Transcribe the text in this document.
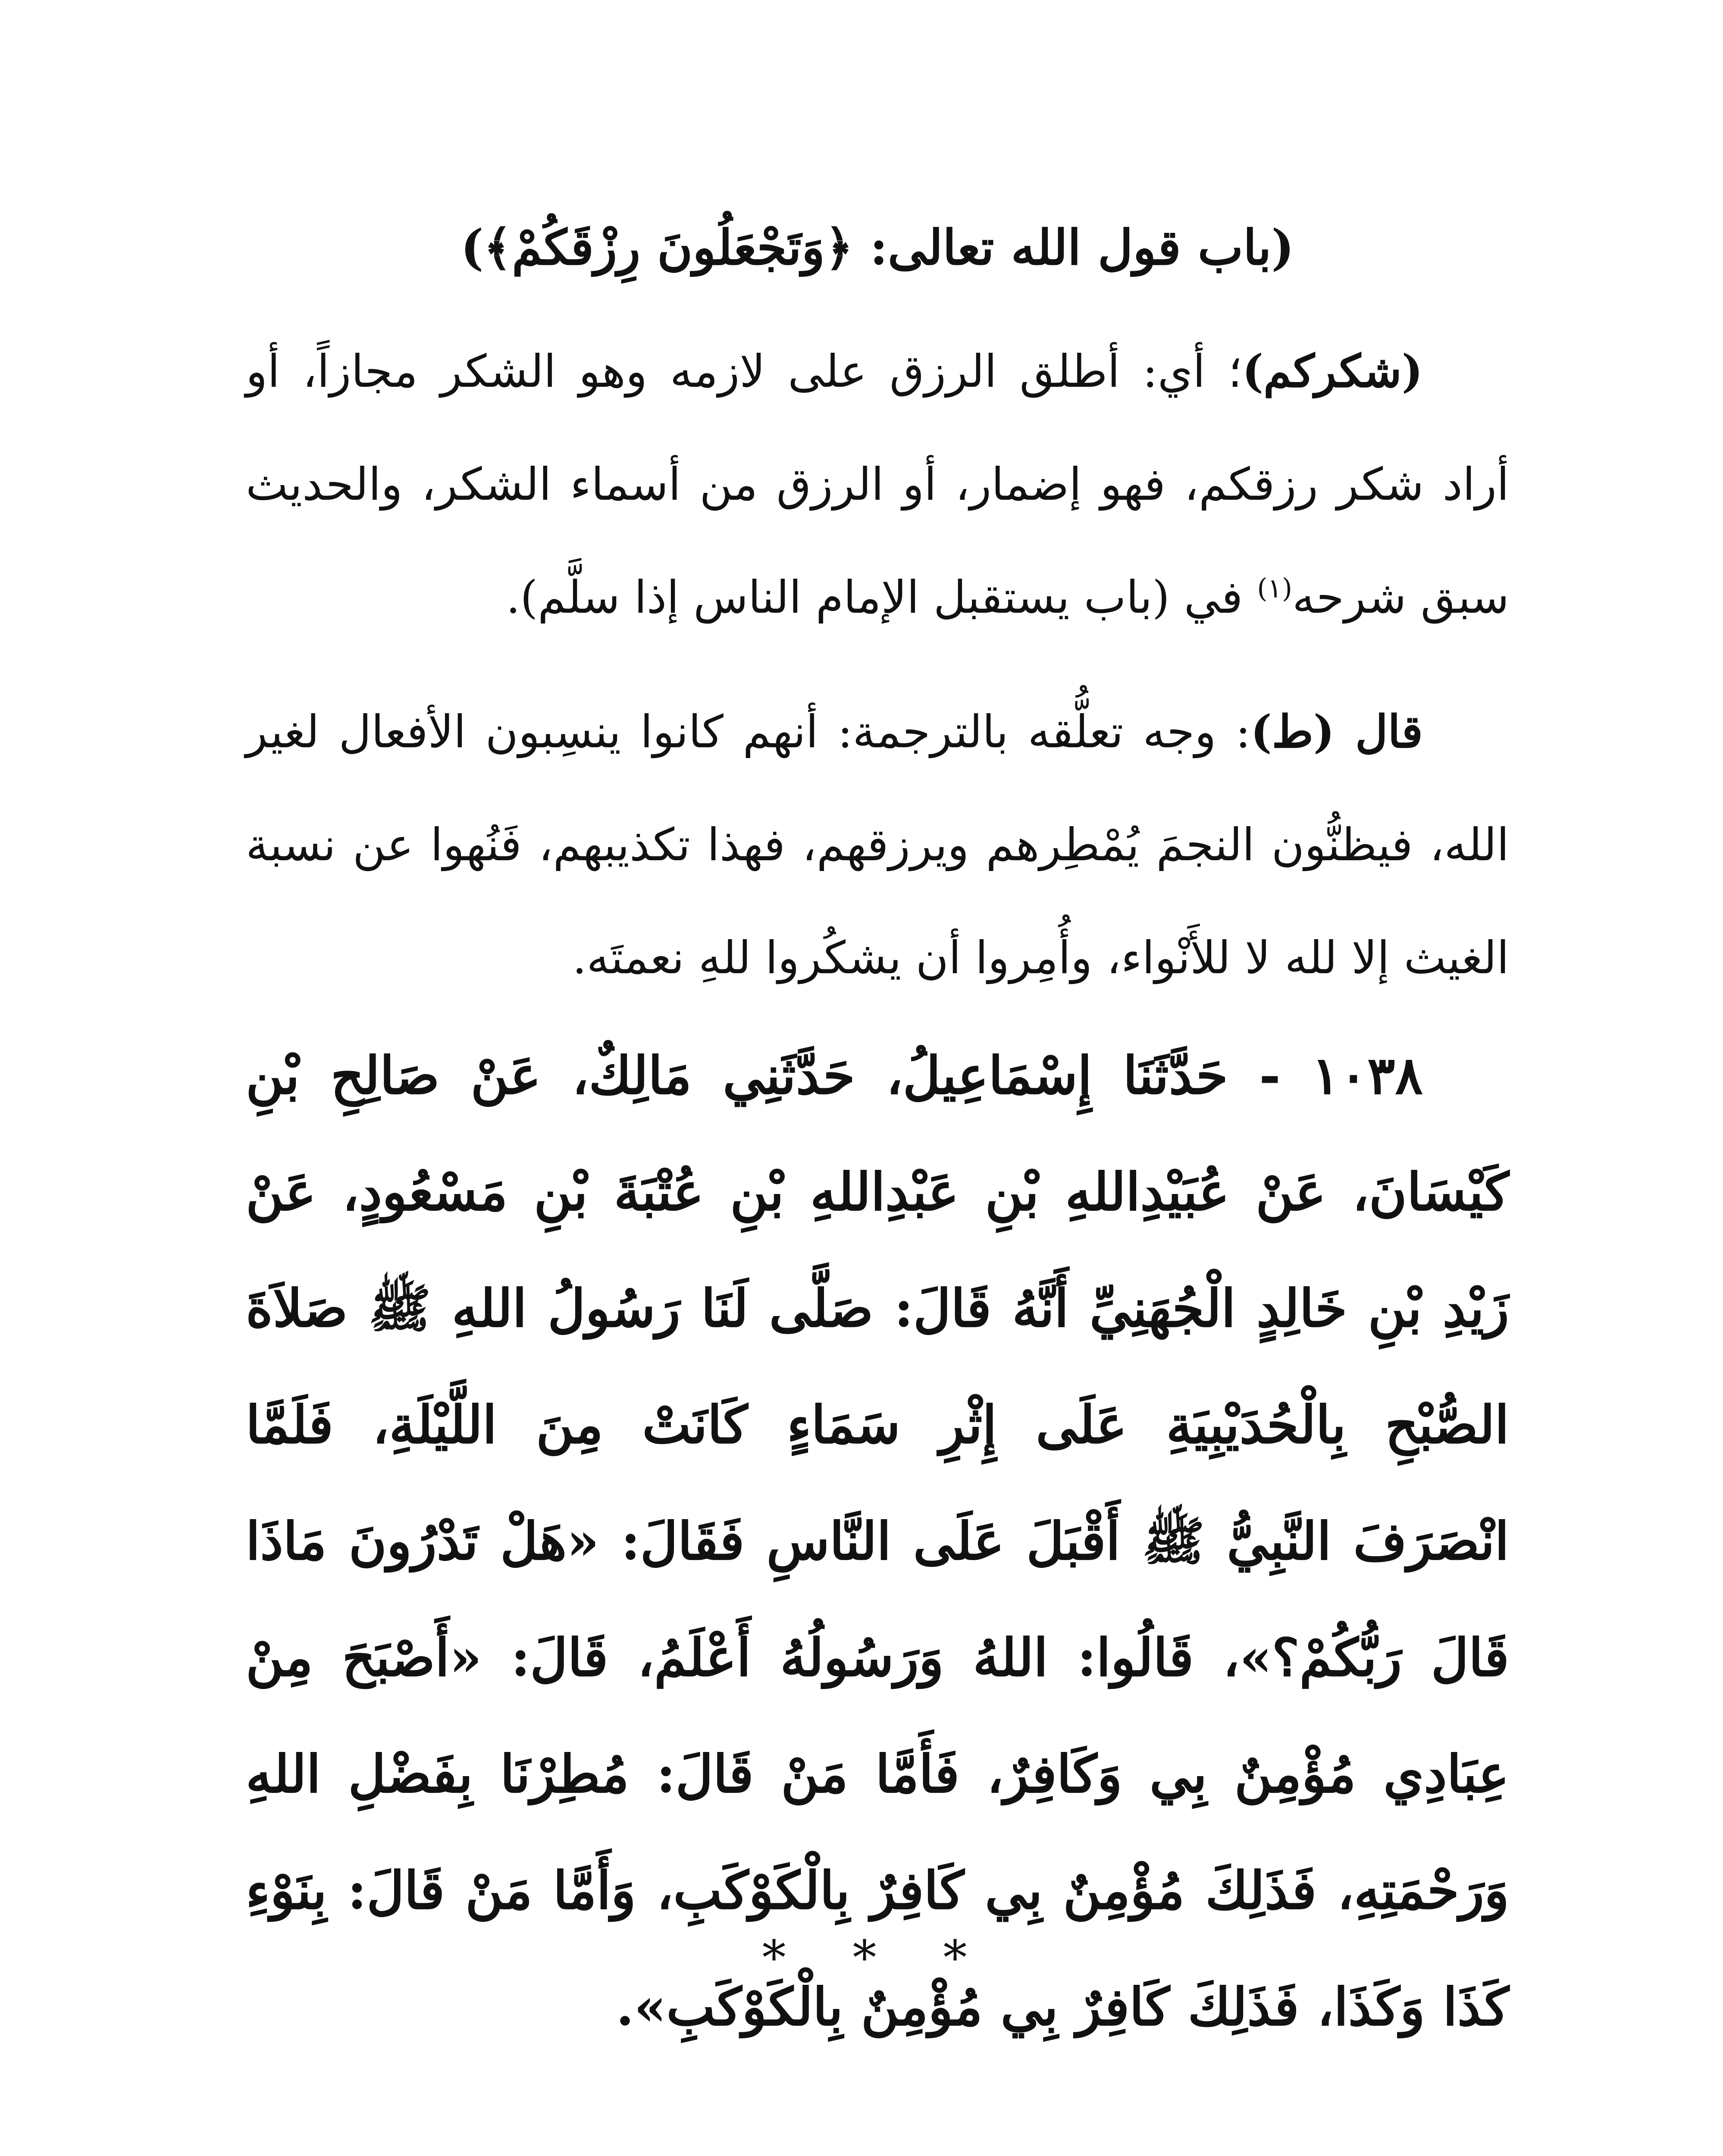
(باب قول الله تعالى: ﴿وَتَجْعَلُونَ رِزْقَكُمْ﴾)

(شكركم)؛ أي: أطلق الرزق على لازمه وهو الشكر مجازاً، أو أراد شكر رزقكم، فهو إضمار، أو الرزق من أسماء الشكر، والحديث سبق شرحه$^{(١)}$ في (باب يستقبل الإمام الناس إذا سلَّم).

قال (ط): وجه تعلُّقه بالترجمة: أنهم كانوا ينسِبون الأفعال لغير الله، فيظنُّون النجمَ يُمْطِرهم ويرزقهم، فهذا تكذيبهم، فَنُهوا عن نسبة الغيث إلا لله لا للأَنْواء، وأُمِروا أن يشكُروا للهِ نعمتَه.

١٠٣٨ - حَدَّثَنَا إِسْمَاعِيلُ، حَدَّثَنِي مَالِكٌ، عَنْ صَالِحِ بْنِ كَيْسَانَ، عَنْ عُبَيْدِاللهِ بْنِ عَبْدِاللهِ بْنِ عُتْبَةَ بْنِ مَسْعُودٍ، عَنْ زَيْدِ بْنِ خَالِدٍ الْجُهَنِيِّ أَنَّهُ قَالَ: صَلَّى لَنَا رَسُولُ اللهِ ﷺ صَلاَةَ الصُّبْحِ بِالْحُدَيْبِيَةِ عَلَى إِثْرِ سَمَاءٍ كَانَتْ مِنَ اللَّيْلَةِ، فَلَمَّا انْصَرَفَ النَّبِيُّ ﷺ أَقْبَلَ عَلَى النَّاسِ فَقَالَ: «هَلْ تَدْرُونَ مَاذَا قَالَ رَبُّكُمْ؟»، قَالُوا: اللهُ وَرَسُولُهُ أَعْلَمُ، قَالَ: «أَصْبَحَ مِنْ عِبَادِي مُؤْمِنٌ بِي وَكَافِرٌ، فَأَمَّا مَنْ قَالَ: مُطِرْنَا بِفَضْلِ اللهِ وَرَحْمَتِهِ، فَذَلِكَ مُؤْمِنٌ بِي كَافِرٌ بِالْكَوْكَبِ، وَأَمَّا مَنْ قَالَ: بِنَوْءِ كَذَا وَكَذَا، فَذَلِكَ كَافِرٌ بِي مُؤْمِنٌ بِالْكَوْكَبِ».
* * *
